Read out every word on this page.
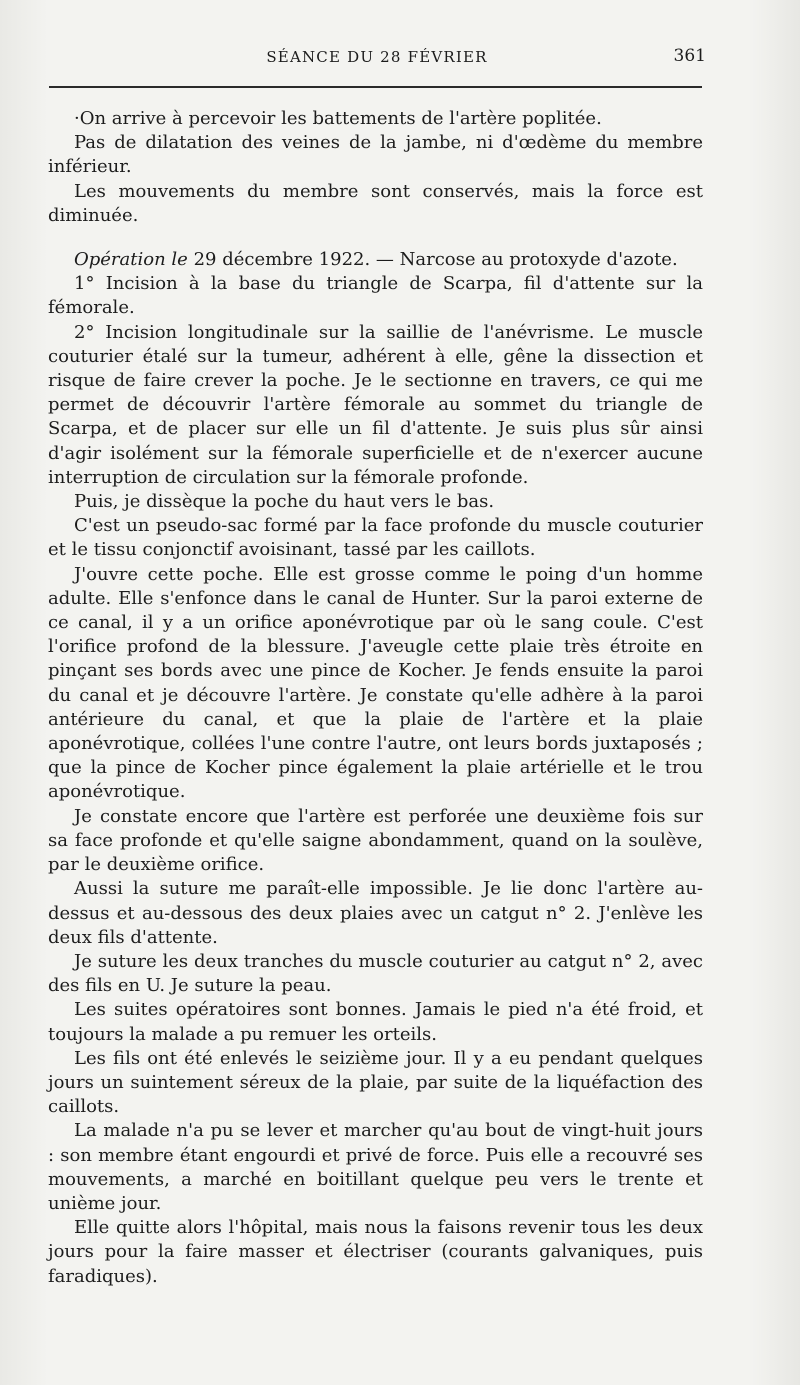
SÉANCE DU 28 FÉVRIER	361

·On arrive à percevoir les battements de l'artère poplitée.

Pas de dilatation des veines de la jambe, ni d'œdème du membre inférieur.

Les mouvements du membre sont conservés, mais la force est diminuée.

Opération le 29 décembre 1922. — Narcose au protoxyde d'azote.

1° Incision à la base du triangle de Scarpa, fil d'attente sur la fémorale.

2° Incision longitudinale sur la saillie de l'anévrisme. Le muscle couturier étalé sur la tumeur, adhérent à elle, gêne la dissection et risque de faire crever la poche. Je le sectionne en travers, ce qui me permet de découvrir l'artère fémorale au sommet du triangle de Scarpa, et de placer sur elle un fil d'attente. Je suis plus sûr ainsi d'agir isolément sur la fémorale superficielle et de n'exercer aucune interruption de circulation sur la fémorale profonde.

Puis, je dissèque la poche du haut vers le bas.

C'est un pseudo-sac formé par la face profonde du muscle couturier et le tissu conjonctif avoisinant, tassé par les caillots.

J'ouvre cette poche. Elle est grosse comme le poing d'un homme adulte. Elle s'enfonce dans le canal de Hunter. Sur la paroi externe de ce canal, il y a un orifice aponévrotique par où le sang coule. C'est l'orifice profond de la blessure. J'aveugle cette plaie très étroite en pinçant ses bords avec une pince de Kocher. Je fends ensuite la paroi du canal et je découvre l'artère. Je constate qu'elle adhère à la paroi antérieure du canal, et que la plaie de l'artère et la plaie aponévrotique, collées l'une contre l'autre, ont leurs bords juxtaposés ; que la pince de Kocher pince également la plaie artérielle et le trou aponévrotique.

Je constate encore que l'artère est perforée une deuxième fois sur sa face profonde et qu'elle saigne abondamment, quand on la soulève, par le deuxième orifice.

Aussi la suture me paraît-elle impossible. Je lie donc l'artère au-dessus et au-dessous des deux plaies avec un catgut n° 2. J'enlève les deux fils d'attente.

Je suture les deux tranches du muscle couturier au catgut n° 2, avec des fils en U. Je suture la peau.

Les suites opératoires sont bonnes. Jamais le pied n'a été froid, et toujours la malade a pu remuer les orteils.

Les fils ont été enlevés le seizième jour. Il y a eu pendant quelques jours un suintement séreux de la plaie, par suite de la liquéfaction des caillots.

La malade n'a pu se lever et marcher qu'au bout de vingt-huit jours : son membre étant engourdi et privé de force. Puis elle a recouvré ses mouvements, a marché en boitillant quelque peu vers le trente et unième jour.

Elle quitte alors l'hôpital, mais nous la faisons revenir tous les deux jours pour la faire masser et électriser (courants galvaniques, puis faradiques).
